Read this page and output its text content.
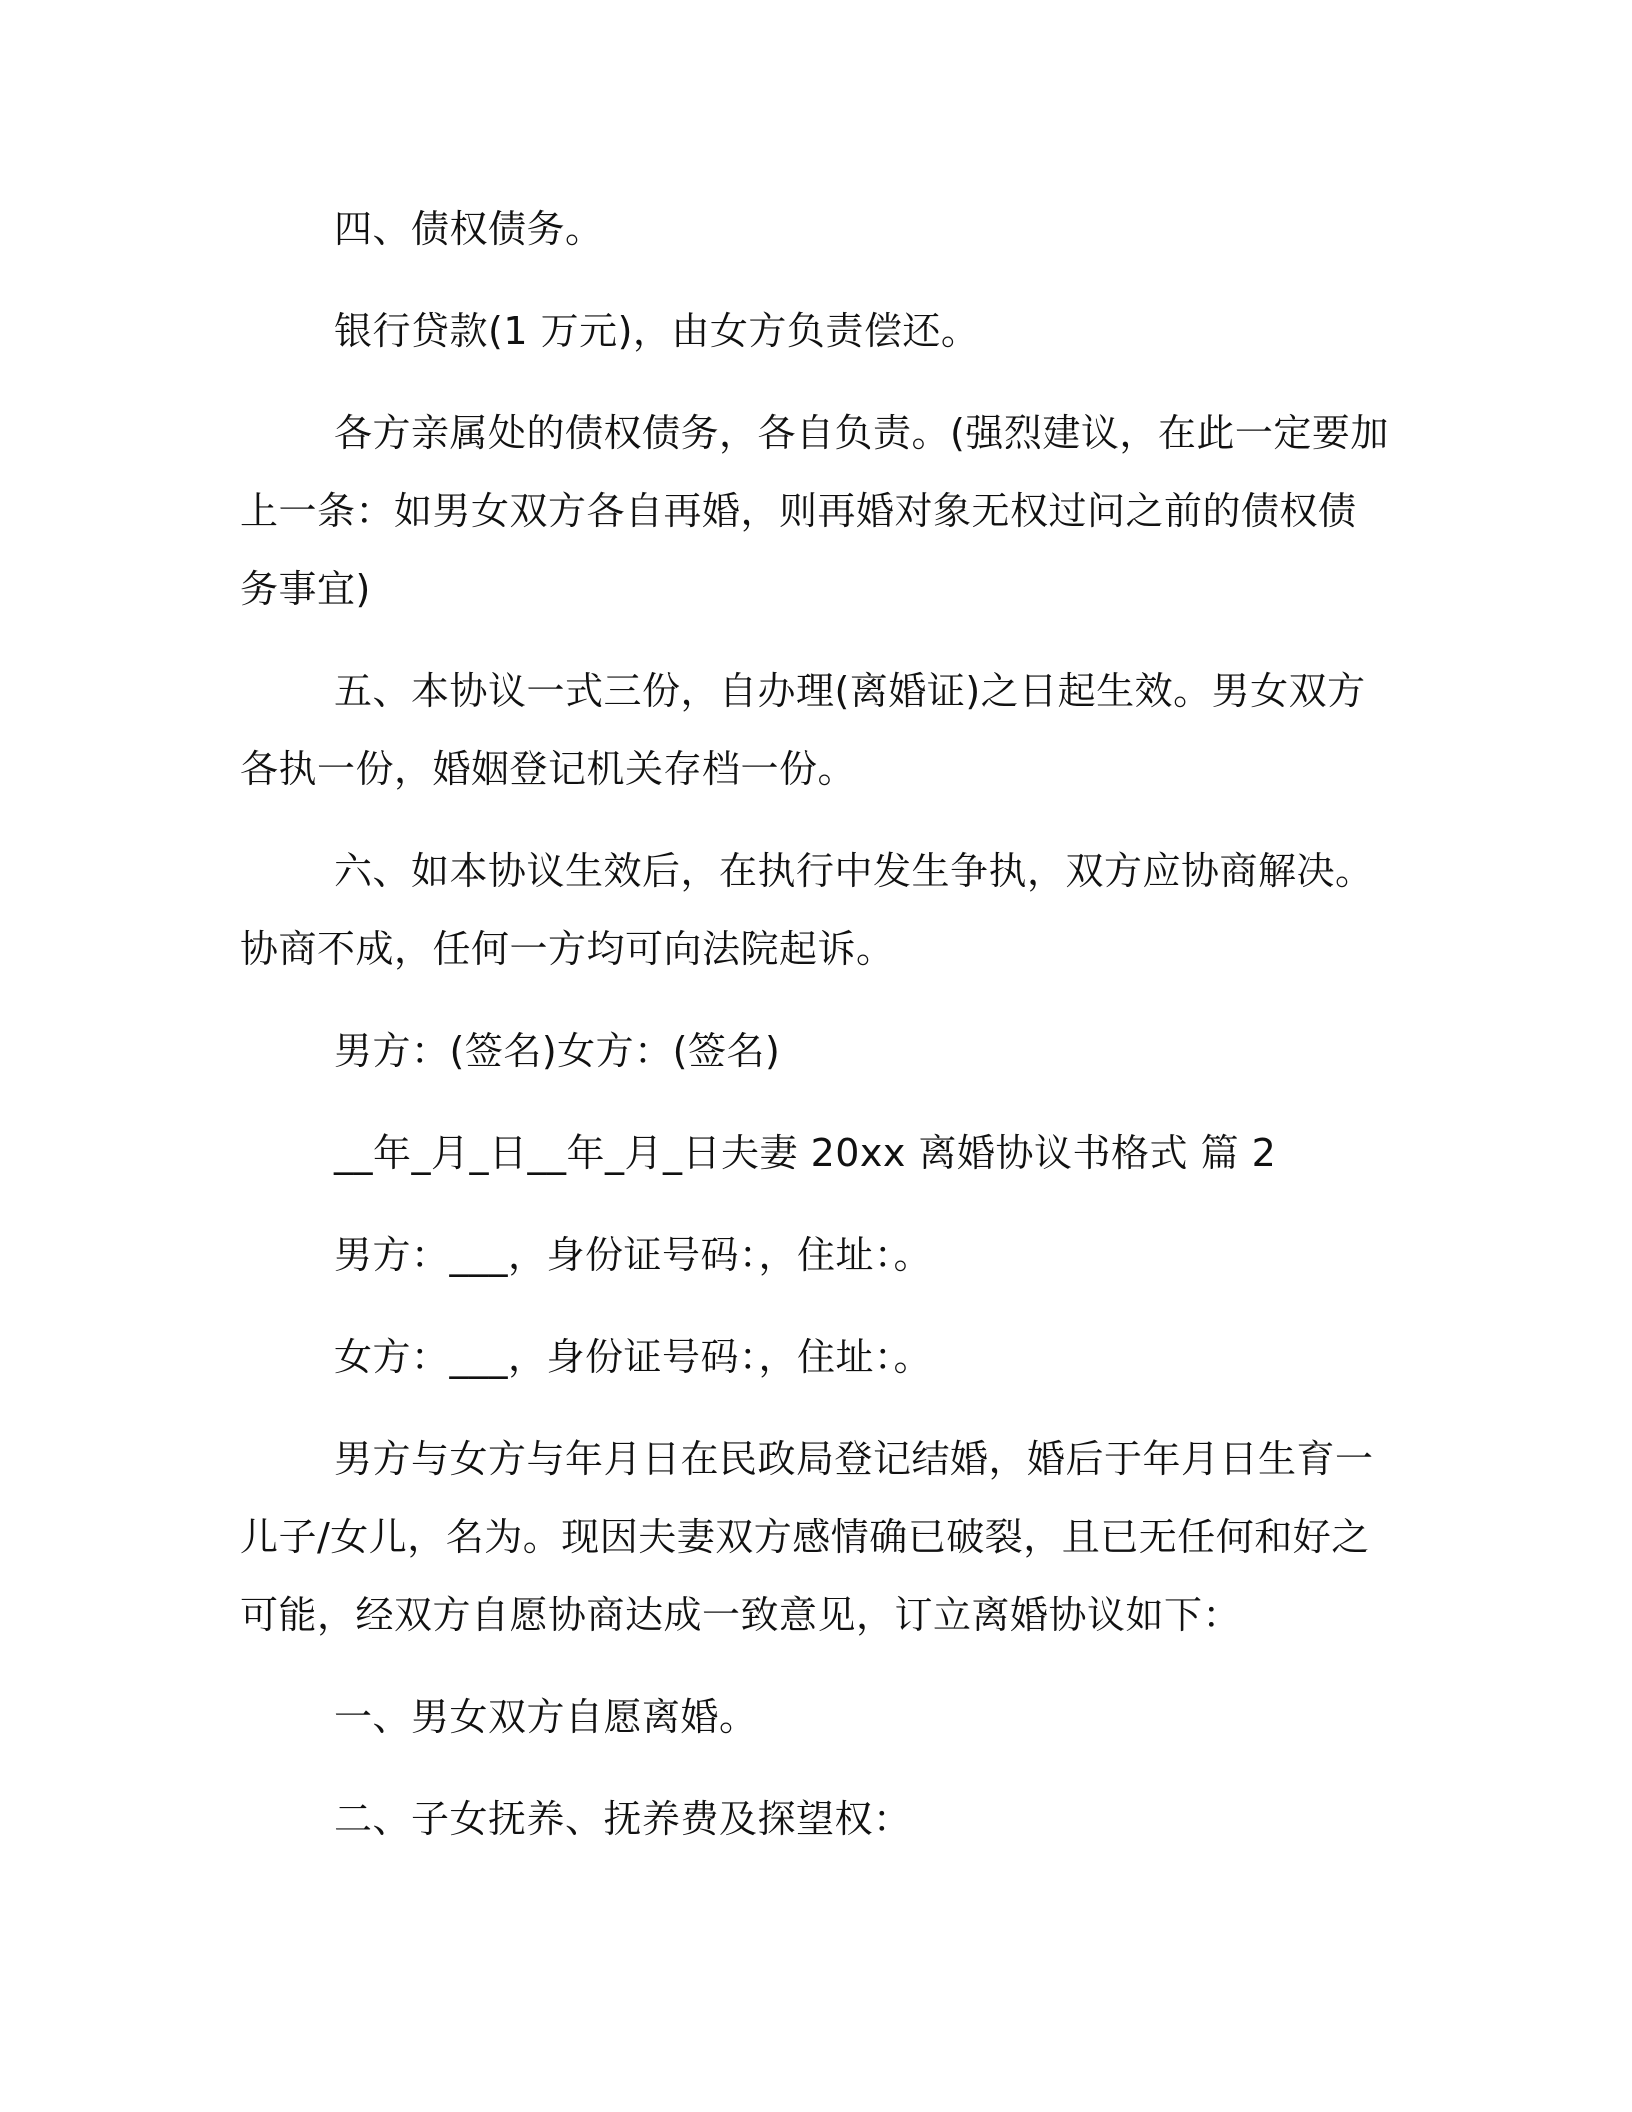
四、债权债务。

银行贷款(1 万元)，由女方负责偿还。

各方亲属处的债权债务，各自负责。(强烈建议，在此一定要加上一条：如男女双方各自再婚，则再婚对象无权过问之前的债权债务事宜)

五、本协议一式三份，自办理(离婚证)之日起生效。男女双方各执一份，婚姻登记机关存档一份。

六、如本协议生效后，在执行中发生争执，双方应协商解决。协商不成，任何一方均可向法院起诉。

男方：(签名)女方：(签名)

__年_月_日__年_月_日夫妻 20xx 离婚协议书格式 篇 2

男方：___，身份证号码：，住址：。

女方：___，身份证号码：，住址：。

男方与女方与年月日在民政局登记结婚，婚后于年月日生育一儿子/女儿，名为。现因夫妻双方感情确已破裂，且已无任何和好之可能，经双方自愿协商达成一致意见，订立离婚协议如下：

一、男女双方自愿离婚。

二、子女抚养、抚养费及探望权：
